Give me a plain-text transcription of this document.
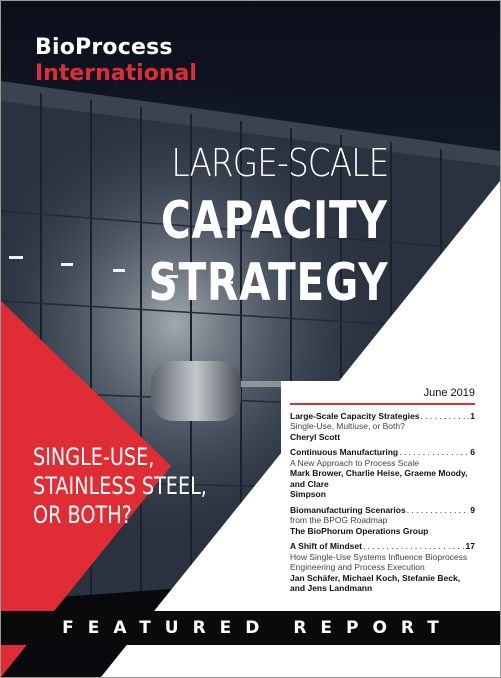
BioProcess
International
LARGE-SCALE
CAPACITY
STRATEGY
SINGLE-USE,
STAINLESS STEEL,
OR BOTH?
June 2019
Large-Scale Capacity Strategies . . .	1
Single-Use, Multiuse, or Both?
Cheryl Scott
Continuous Manufacturing . . .	6
A New Approach to Process Scale
Mark Brower, Charlie Heise, Graeme Moody, and Clare
Simpson
Biomanufacturing Scenarios . . .	9
from the BPOG Roadmap
The BioPhorum Operations Group
A Shift of Mindset . . .	17
How Single-Use Systems Influence Bioprocess
Engineering and Process Execution
Jan Schäfer, Michael Koch, Stefanie Beck,
and Jens Landmann
FEATURED REPORT
